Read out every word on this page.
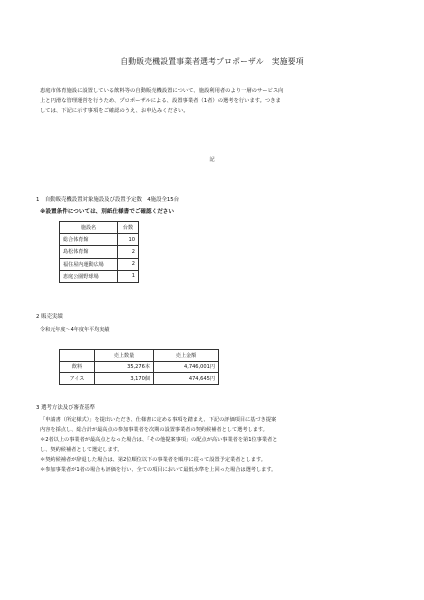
自動販売機設置事業者選考プロポーザル　実施要項
恵庭市体育施設に設置している飲料等の自動販売機設置について、施設利用者のより一層のサービス向
上と円滑な管理運営を行うため、プロポーザルによる、設置事業者（1者）の選考を行います。つきま
しては、下記に示す事項をご確認のうえ、お申込みください。
記
1　自動販売機設置対象施設及び設置予定数　4施設全15台
※設置条件については、別紙仕様書でご確認ください
施設名	台数
総合体育館	10
島松体育館	2
福住屋内運動広場	2
恵庭公園野球場	1
2 販売実績
令和元年度～4年度年平均実績
	売上数量	売上金額
飲料	35,276本	4,746,001円
アイス	3,170個	474,645円
3 選考方法及び審査基準
「申請書（所定様式）」を提出いただき、仕様書に定める事項を踏まえ、下記の評価項目に基づき提案
内容を採点し、総合計が最高点の参加事業者を次期の設置事業者の契約候補者として選考します。
＊2者以上の事業者が最高点となった場合は、「その他提案事項」の配点が高い事業者を第1位事業者と
し、契約候補者として選定します。
＊契約候補者が辞退した場合は、第2位順位以下の事業者を順序に従って設置予定業者とします。
＊参加事業者が1者の場合も評価を行い、全ての項目において最低水準を上回った場合は選考します。
